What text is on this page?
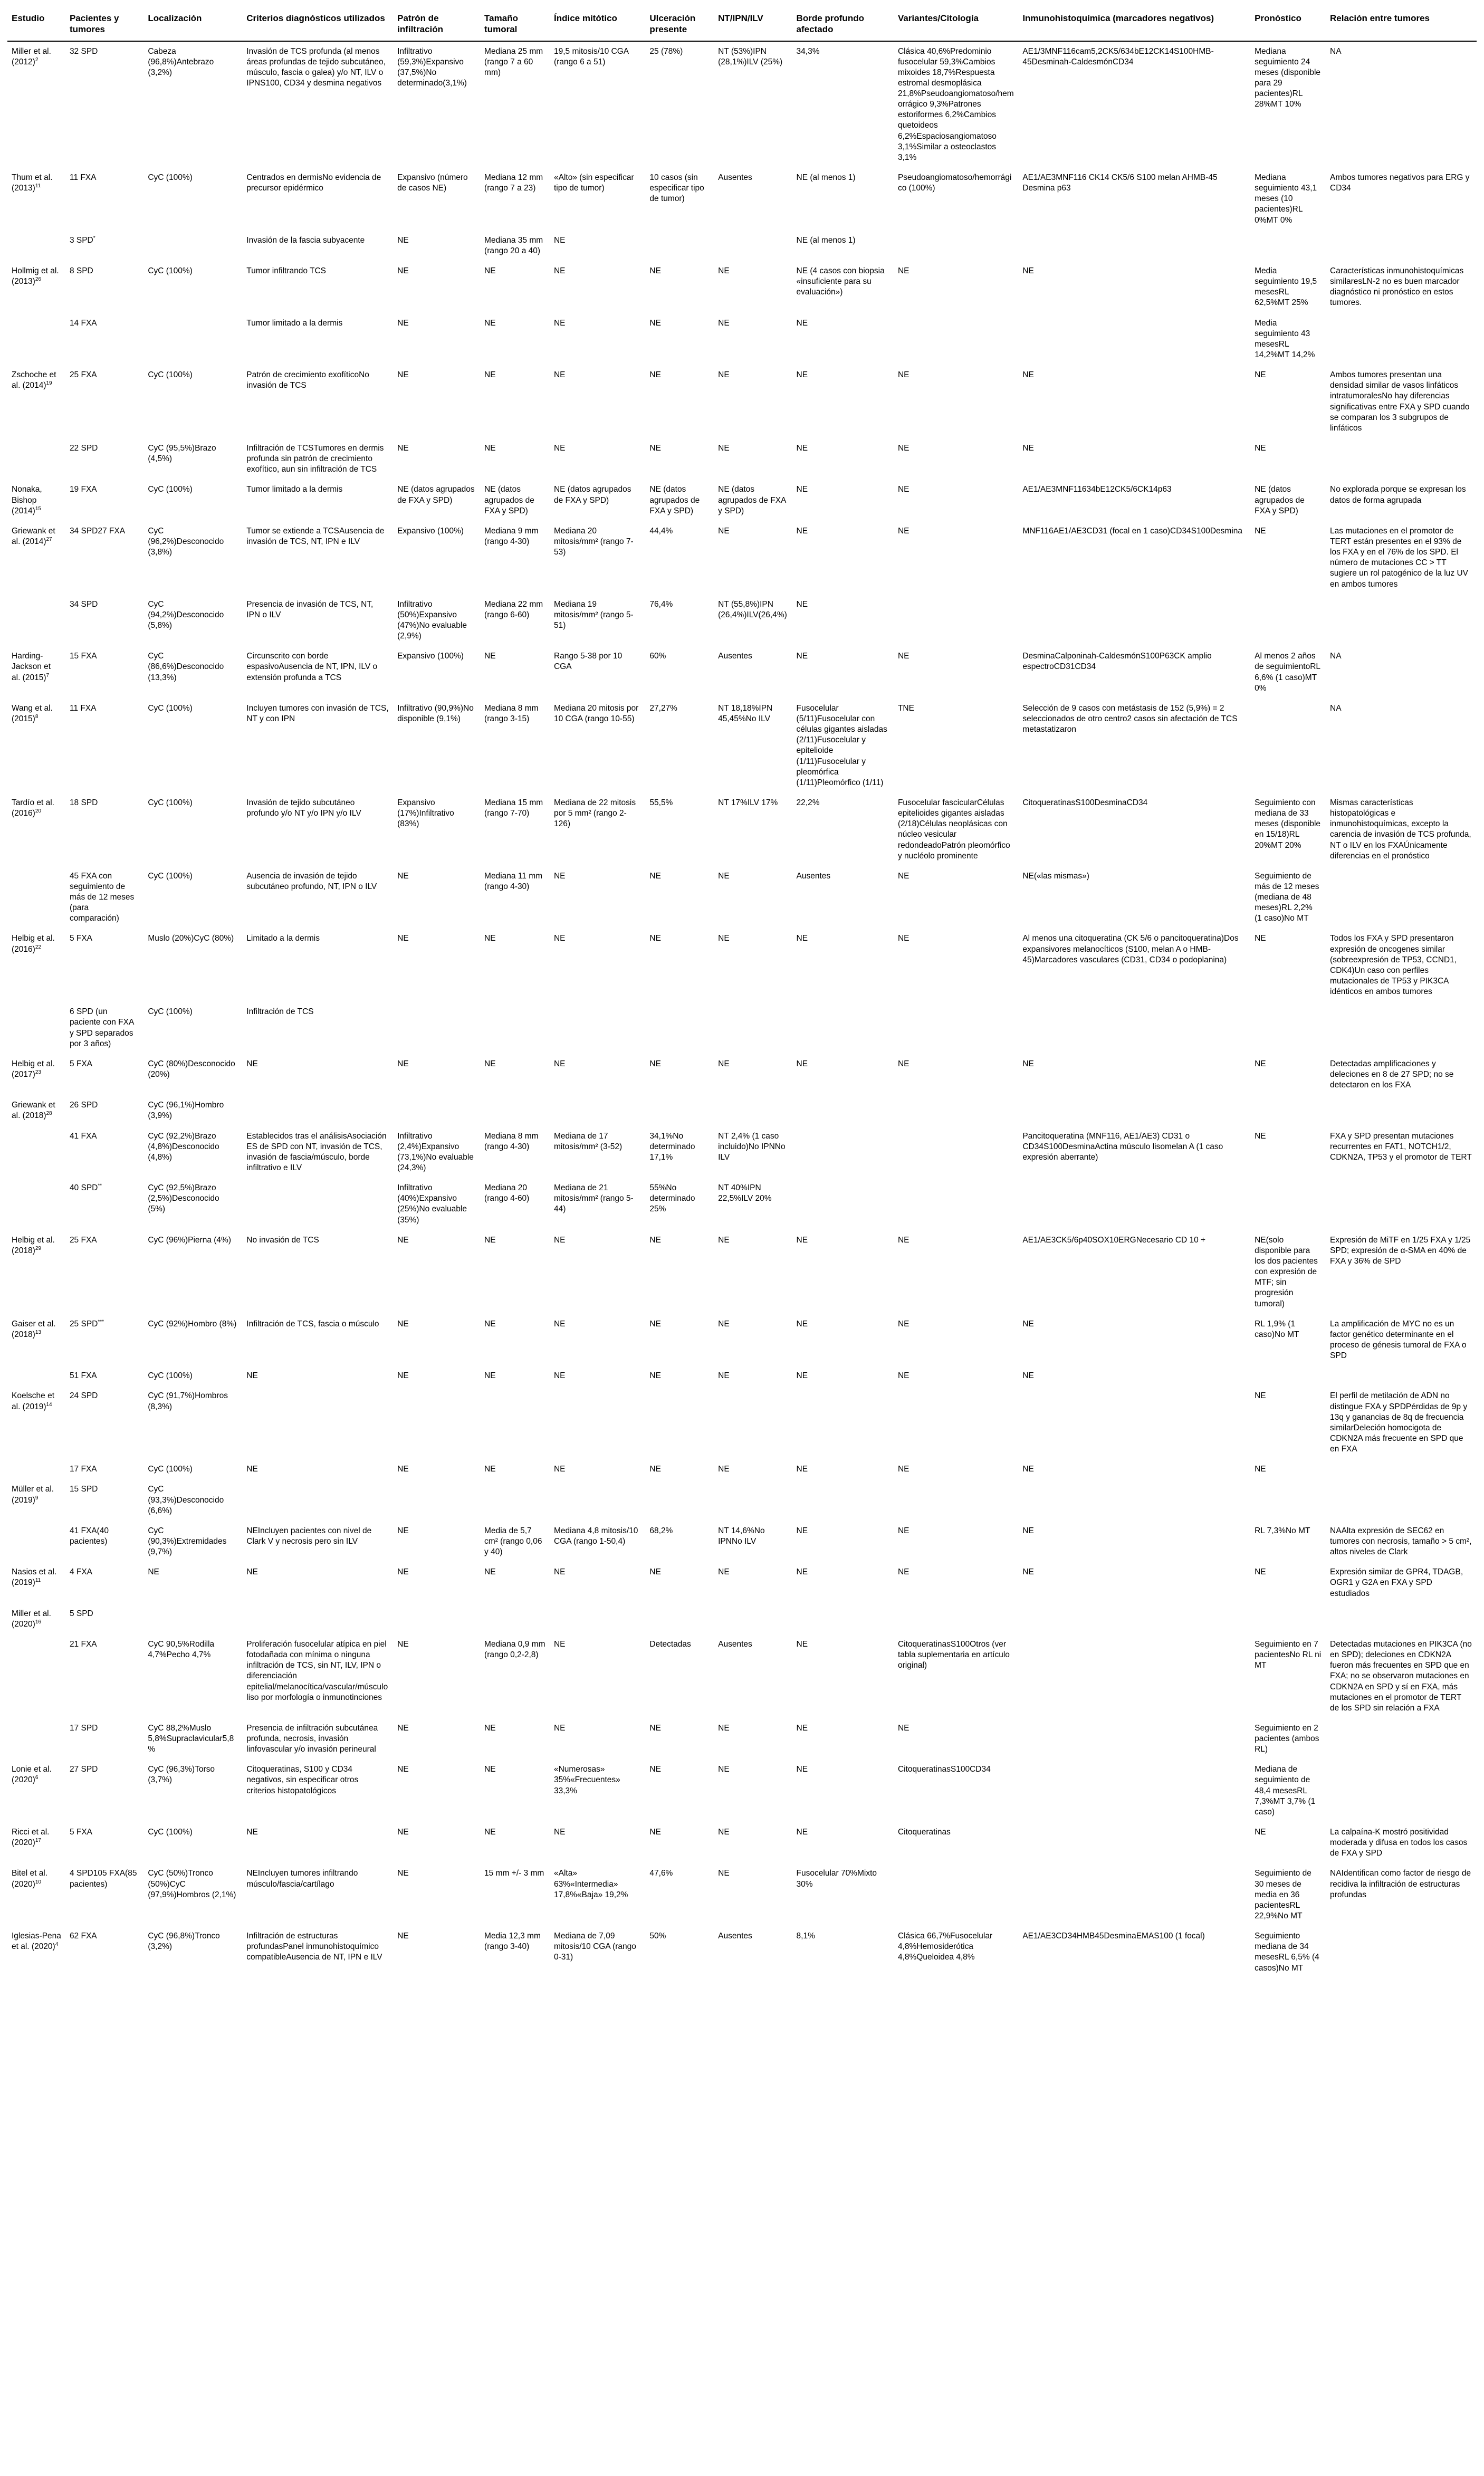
Estudio	Pacientes y tumores	Localización	Criterios diagnósticos utilizados	Patrón de infiltración	Tamaño tumoral	Índice mitótico	Ulceración presente	NT/IPN/ILV	Borde profundo afectado	Variantes/Citología	Inmunohistoquímica (marcadores negativos)	Pronóstico	Relación entre tumores
Miller et al. $(2012)^2$	32 SPD	Cabeza (96,8%)Antebrazo (3,2%)	Invasión de TCS profunda (al menos áreas profundas de tejido subcutáneo, músculo, fascia o galea) y/o NT, ILV o IPNS100, CD34 y desmina negativos	Infiltrativo (59,3%)Expansivo (37,5%)No determinado(3,1%)	Mediana 25 mm (rango 7 a 60 mm)	19,5 mitosis/10 CGA (rango 6 a 51)	25 (78%)	NT (53%)IPN (28,1%)ILV (25%)	34,3%	Clásica 40,6%Predominio fusocelular 59,3%Cambios mixoides 18,7%Respuesta estromal desmoplásica 21,8%Pseudoangiomatoso/hemorrágico 9,3%Patrones estoriformes 6,2%Cambios quetoideos 6,2%Espaciosangiomatoso 3,1%Similar a osteoclastos 3,1%	AE1/3MNF116cam5,2CK5/634bE12CK14S100HMB-45Desminah-CaldesmónCD34	Mediana seguimiento 24 meses (disponible para 29 pacientes)RL 28%MT 10%	NA
Thum et al. $(2013)^{11}$	11 FXA	CyC (100%)	Centrados en dermisNo evidencia de precursor epidérmico	Expansivo (número de casos NE)	Mediana 12 mm (rango 7 a 23)	«Alto» (sin especificar tipo de tumor)	10 casos (sin especificar tipo de tumor)	Ausentes	NE (al menos 1)	Pseudoangiomatoso/hemorrágico (100%)	AE1/AE3MNF116 CK14 CK5/6 S100 melan AHMB-45 Desmina p63	Mediana seguimiento 43,1 meses (10 pacientes)RL 0%MT 0%	Ambos tumores negativos para ERG y CD34
	3 SPD*		Invasión de la fascia subyacente	NE	Mediana 35 mm (rango 20 a 40)	NE			NE (al menos 1)				
Hollmig et al. $(2013)^{26}$	8 SPD	CyC (100%)	Tumor infiltrando TCS	NE	NE	NE	NE	NE	NE (4 casos con biopsia «insuficiente para su evaluación»)	NE	NE	Media seguimiento 19,5 mesesRL 62,5%MT 25%	Características inmunohistoquímicas similaresLN-2 no es buen marcador diagnóstico ni pronóstico en estos tumores.
	14 FXA		Tumor limitado a la dermis	NE	NE	NE	NE	NE	NE			Media seguimiento 43 mesesRL 14,2%MT 14,2%	
Zschoche et al. $(2014)^{19}$	25 FXA	CyC (100%)	Patrón de crecimiento exofíticoNo invasión de TCS	NE	NE	NE	NE	NE	NE	NE	NE	NE	Ambos tumores presentan una densidad similar de vasos linfáticos intratumoralesNo hay diferencias significativas entre FXA y SPD cuando se comparan los 3 subgrupos de linfáticos
	22 SPD	CyC (95,5%)Brazo (4,5%)	Infiltración de TCSTumores en dermis profunda sin patrón de crecimiento exofítico, aun sin infiltración de TCS	NE	NE	NE	NE	NE	NE	NE	NE	NE	
Nonaka, Bishop $(2014)^{15}$	19 FXA	CyC (100%)	Tumor limitado a la dermis	NE (datos agrupados de FXA y SPD)	NE (datos agrupados de FXA y SPD)	NE (datos agrupados de FXA y SPD)	NE (datos agrupados de FXA y SPD)	NE (datos agrupados de FXA y SPD)	NE	NE	AE1/AE3MNF11634bE12CK5/6CK14p63	NE (datos agrupados de FXA y SPD)	No explorada porque se expresan los datos de forma agrupada
Griewank et al. $(2014)^{27}$	34 SPD27 FXA	CyC (96,2%)Desconocido (3,8%)	Tumor se extiende a TCSAusencia de invasión de TCS, NT, IPN e ILV	Expansivo (100%)	Mediana 9 mm (rango 4-30)	Mediana 20 mitosis/mm² (rango 7-53)	44,4%	NE	NE	NE	MNF116AE1/AE3CD31 (focal en 1 caso)CD34S100Desmina	NE	Las mutaciones en el promotor de TERT están presentes en el 93% de los FXA y en el 76% de los SPD. El número de mutaciones CC > TT sugiere un rol patogénico de la luz UV en ambos tumores
	34 SPD	CyC (94,2%)Desconocido (5,8%)	Presencia de invasión de TCS, NT, IPN o ILV	Infiltrativo (50%)Expansivo (47%)No evaluable (2,9%)	Mediana 22 mm (rango 6-60)	Mediana 19 mitosis/mm² (rango 5-51)	76,4%	NT (55,8%)IPN (26,4%)ILV(26,4%)	NE				
Harding-Jackson et al. $(2015)^7$	15 FXA	CyC (86,6%)Desconocido (13,3%)	Circunscrito con borde espasivoAusencia de NT, IPN, ILV o extensión profunda a TCS	Expansivo (100%)	NE	Rango 5-38 por 10 CGA	60%	Ausentes	NE	NE	DesminaCalponinah-CaldesmónS100P63CK amplio espectroCD31CD34	Al menos 2 años de seguimientoRL 6,6% (1 caso)MT 0%	NA
Wang et al. $(2015)^8$	11 FXA	CyC (100%)	Incluyen tumores con invasión de TCS, NT y con IPN	Infiltrativo (90,9%)No disponible (9,1%)	Mediana 8 mm (rango 3-15)	Mediana 20 mitosis por 10 CGA (rango 10-55)	27,27%	NT 18,18%IPN 45,45%No ILV	Fusocelular (5/11)Fusocelular con células gigantes aisladas (2/11)Fusocelular y epitelioide (1/11)Fusocelular y pleomórfica (1/11)Pleomórfico (1/11)	TNE	Selección de 9 casos con metástasis de 152 (5,9%) = 2 seleccionados de otro centro2 casos sin afectación de TCS metastatizaron		NA
Tardío et al. $(2016)^{20}$	18 SPD	CyC (100%)	Invasión de tejido subcutáneo profundo y/o NT y/o IPN y/o ILV	Expansivo (17%)Infiltrativo (83%)	Mediana 15 mm (rango 7-70)	Mediana de 22 mitosis por 5 mm² (rango 2-126)	55,5%	NT 17%ILV 17%	22,2%	Fusocelular fascicularCélulas epitelioides gigantes aisladas (2/18)Células neoplásicas con núcleo vesicular redondeadoPatrón pleomórfico y nucléolo prominente	CitoqueratinasS100DesminaCD34	Seguimiento con mediana de 33 meses (disponible en 15/18)RL 20%MT 20%	Mismas características histopatológicas e inmunohistoquímicas, excepto la carencia de invasión de TCS profunda, NT o ILV en los FXAÚnicamente diferencias en el pronóstico
	45 FXA con seguimiento de más de 12 meses (para comparación)	CyC (100%)	Ausencia de invasión de tejido subcutáneo profundo, NT, IPN o ILV	NE	Mediana 11 mm (rango 4-30)	NE	NE	NE	Ausentes	NE	NE(«las mismas»)	Seguimiento de más de 12 meses (mediana de 48 meses)RL 2,2% (1 caso)No MT	
Helbig et al. $(2016)^{22}$	5 FXA	Muslo (20%)CyC (80%)	Limitado a la dermis	NE	NE	NE	NE	NE	NE	NE	Al menos una citoqueratina (CK 5/6 o pancitoqueratina)Dos expansivores melanocíticos (S100, melan A o HMB-45)Marcadores vasculares (CD31, CD34 o podoplanina)	NE	Todos los FXA y SPD presentaron expresión de oncogenes similar (sobreexpresión de TP53, CCND1, CDK4)Un caso con perfiles mutacionales de TP53 y PIK3CA idénticos en ambos tumores
	6 SPD (un paciente con FXA y SPD separados por 3 años)	CyC (100%)	Infiltración de TCS										
Helbig et al. $(2017)^{23}$	5 FXA	CyC (80%)Desconocido (20%)	NE	NE	NE	NE	NE	NE	NE	NE	NE	NE	Detectadas amplificaciones y deleciones en 8 de 27 SPD; no se detectaron en los FXA
Griewank et al. $(2018)^{28}$	26 SPD	CyC (96,1%)Hombro (3,9%)											
	41 FXA	CyC (92,2%)Brazo (4,8%)Desconocido (4,8%)	Establecidos tras el análisisAsociación ES de SPD con NT, invasión de TCS, invasión de fascia/músculo, borde infiltrativo e ILV	Infiltrativo (2,4%)Expansivo (73,1%)No evaluable (24,3%)	Mediana 8 mm (rango 4-30)	Mediana de 17 mitosis/mm² (3-52)	34,1%No determinado 17,1%	NT 2,4% (1 caso incluido)No IPNNo ILV			Pancitoqueratina (MNF116, AE1/AE3) CD31 o CD34S100DesminaActina músculo lisomelan A (1 caso expresión aberrante)	NE	FXA y SPD presentan mutaciones recurrentes en FAT1, NOTCH1/2, CDKN2A, TP53 y el promotor de TERT
	40 SPD**	CyC (92,5%)Brazo (2,5%)Desconocido (5%)		Infiltrativo (40%)Expansivo (25%)No evaluable (35%)	Mediana 20 (rango 4-60)	Mediana de 21 mitosis/mm² (rango 5-44)	55%No determinado 25%	NT 40%IPN 22,5%ILV 20%					
Helbig et al. $(2018)^{29}$	25 FXA	CyC (96%)Pierna (4%)	No invasión de TCS	NE	NE	NE	NE	NE	NE	NE	AE1/AE3CK5/6p40SOX10ERGNecesario CD 10 +	NE(solo disponible para los dos pacientes con expresión de MTF; sin progresión tumoral)	Expresión de MiTF en 1/25 FXA y 1/25 SPD; expresión de α-SMA en 40% de FXA y 36% de SPD
Gaiser et al. $(2018)^{13}$	25 SPD***	CyC (92%)Hombro (8%)	Infiltración de TCS, fascia o músculo	NE	NE	NE	NE	NE	NE	NE	NE	RL 1,9% (1 caso)No MT	La amplificación de MYC no es un factor genético determinante en el proceso de génesis tumoral de FXA o SPD
	51 FXA	CyC (100%)	NE	NE	NE	NE	NE	NE	NE	NE	NE		
Koelsche et al. $(2019)^{14}$	24 SPD	CyC (91,7%)Hombros (8,3%)										NE	El perfil de metilación de ADN no distingue FXA y SPDPérdidas de 9p y 13q y ganancias de 8q de frecuencia similarDeleción homocigota de CDKN2A más frecuente en SPD que en FXA
	17 FXA	CyC (100%)	NE	NE	NE	NE	NE	NE	NE	NE	NE	NE	
Müller et al. $(2019)^9$	15 SPD	CyC (93,3%)Desconocido (6,6%)											
	41 FXA(40 pacientes)	CyC (90,3%)Extremidades (9,7%)	NEIncluyen pacientes con nivel de Clark V y necrosis pero sin ILV	NE	Media de 5,7 cm² (rango 0,06 y 40)	Mediana 4,8 mitosis/10 CGA (rango 1-50,4)	68,2%	NT 14,6%No IPNNo ILV	NE	NE	NE	RL 7,3%No MT	NAAlta expresión de SEC62 en tumores con necrosis, tamaño > 5 cm², altos niveles de Clark
Nasios et al. $(2019)^{11}$	4 FXA	NE	NE	NE	NE	NE	NE	NE	NE	NE	NE	NE	Expresión similar de GPR4, TDAGB, OGR1 y G2A en FXA y SPD estudiados
Miller et al. $(2020)^{16}$	5 SPD												
	21 FXA	CyC 90,5%Rodilla 4,7%Pecho 4,7%	Proliferación fusocelular atípica en piel fotodañada con mínima o ninguna infiltración de TCS, sin NT, ILV, IPN o diferenciación epitelial/melanocítica/vascular/músculo liso por morfología o inmunotinciones	NE	Mediana 0,9 mm (rango 0,2-2,8)	NE	Detectadas	Ausentes	NE	CitoqueratinasS100Otros (ver tabla suplementaria en artículo original)		Seguimiento en 7 pacientesNo RL ni MT	Detectadas mutaciones en PIK3CA (no en SPD); deleciones en CDKN2A fueron más frecuentes en SPD que en FXA; no se observaron mutaciones en CDKN2A en SPD y sí en FXA, más mutaciones en el promotor de TERT de los SPD sin relación a FXA
	17 SPD	CyC 88,2%Muslo 5,8%Supraclavicular5,8%	Presencia de infiltración subcutánea profunda, necrosis, invasión linfovascular y/o invasión perineural	NE	NE	NE	NE	NE	NE	NE		Seguimiento en 2 pacientes (ambos RL)	
Lonie et al. $(2020)^6$	27 SPD	CyC (96,3%)Torso (3,7%)	Citoqueratinas, S100 y CD34 negativos, sin especificar otros criterios histopatológicos	NE	NE	«Numerosas» 35%«Frecuentes» 33,3%	NE	NE	NE	CitoqueratinasS100CD34		Mediana de seguimiento de 48,4 mesesRL 7,3%MT 3,7% (1 caso)	
Ricci et al. $(2020)^{17}$	5 FXA	CyC (100%)	NE	NE	NE	NE	NE	NE	NE	Citoqueratinas		NE	La calpaína-K mostró positividad moderada y difusa en todos los casos de FXA y SPD
Bitel et al. $(2020)^{10}$	4 SPD105 FXA(85 pacientes)	CyC (50%)Tronco (50%)CyC (97,9%)Hombros (2,1%)	NEIncluyen tumores infiltrando músculo/fascia/cartílago	NE	15 mm +/- 3 mm	«Alta» 63%«Intermedia» 17,8%«Baja» 19,2%	47,6%	NE	Fusocelular 70%Mixto 30%			Seguimiento de 30 meses de media en 36 pacientesRL 22,9%No MT	NAIdentifican como factor de riesgo de recidiva la infiltración de estructuras profundas
Iglesias-Pena et al. $(2020)^4$	62 FXA	CyC (96,8%)Tronco (3,2%)	Infiltración de estructuras profundasPanel inmunohistoquímico compatibleAusencia de NT, IPN e ILV	NE	Media 12,3 mm (rango 3-40)	Mediana de 7,09 mitosis/10 CGA (rango 0-31)	50%	Ausentes	8,1%	Clásica 66,7%Fusocelular 4,8%Hemosiderótica 4,8%Queloidea 4,8%	AE1/AE3CD34HMB45DesminaEMAS100 (1 focal)	Seguimiento mediana de 34 mesesRL 6,5% (4 casos)No MT	
